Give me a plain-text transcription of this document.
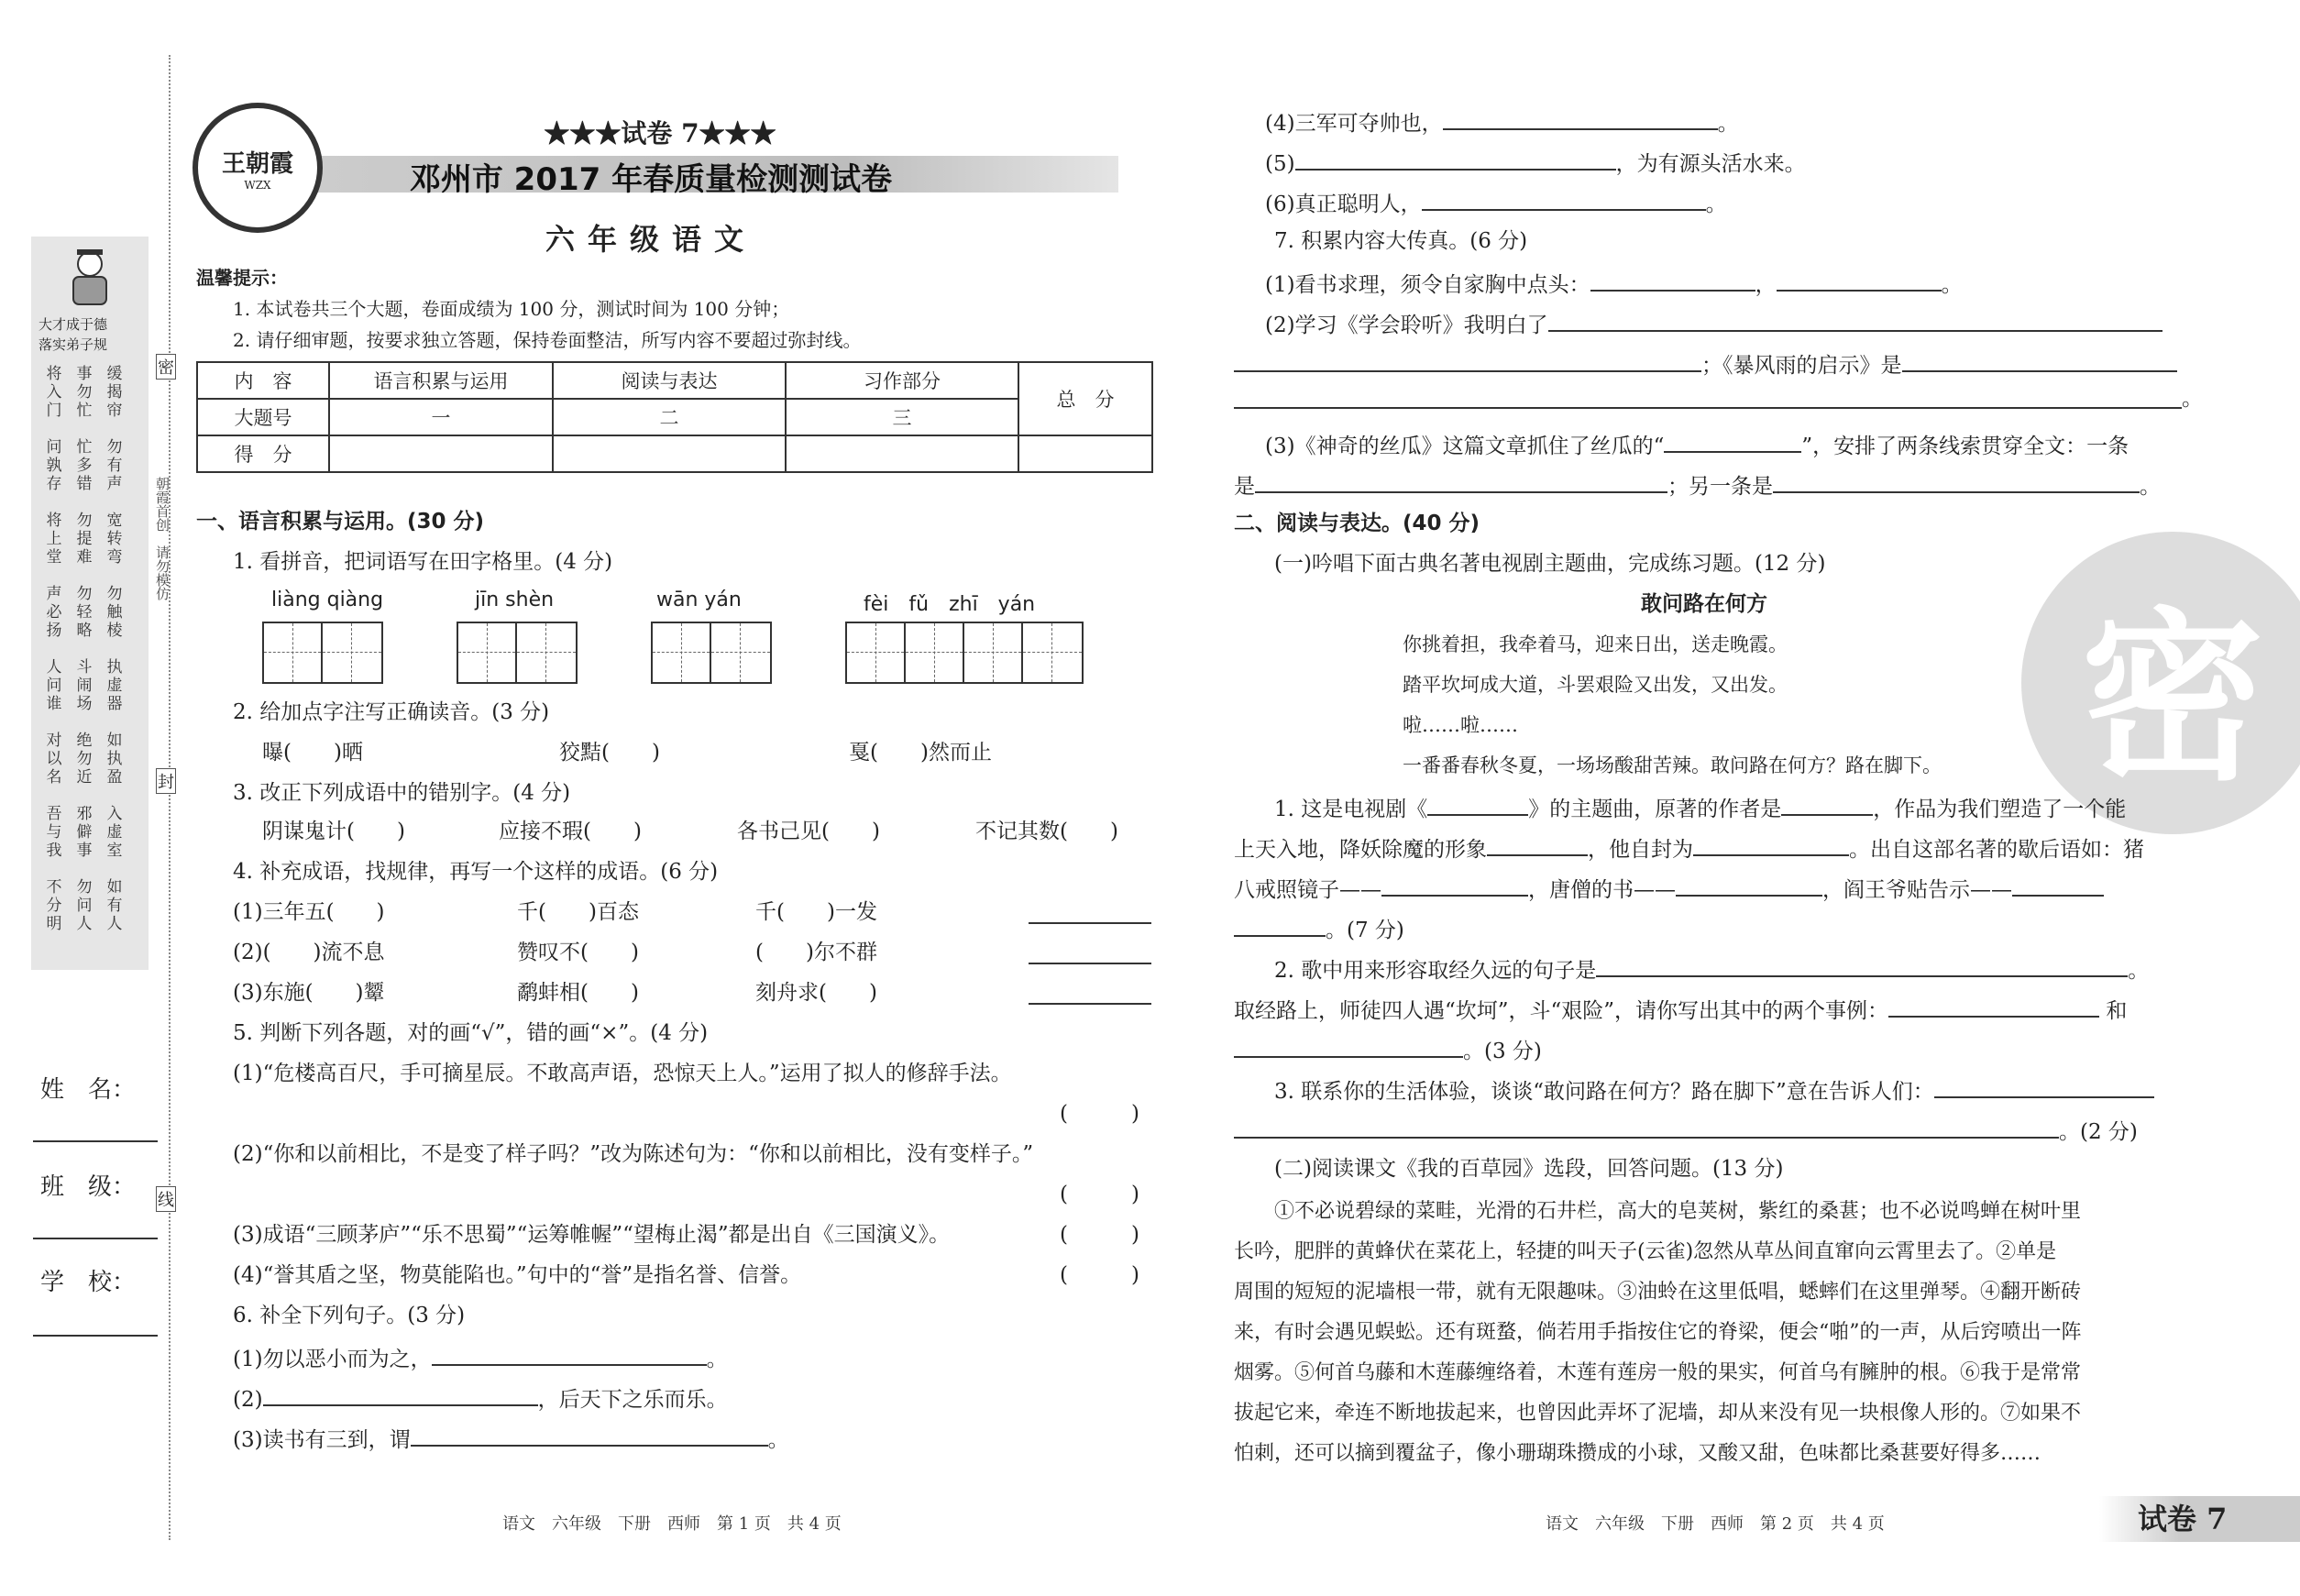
大才成于德
落实弟子规
将入门
事勿忙
缓揭帘
问孰存
忙多错
勿有声
将上堂
勿提难
宽转弯
声必扬
勿轻略
勿触棱
人问谁
斗闹场
执虚器
对以名
绝勿近
如执盈
吾与我
邪僻事
入虚室
不分明
勿问人
如有人
姓　名：
班　级：
学　校：
密
封
线
朝霞首创　请勿模仿
王朝霞
WZX
★★★试卷 7★★★
邓州市 2017 年春质量检测测试卷
六年级语文
温馨提示：
1. 本试卷共三个大题，卷面成绩为 100 分，测试时间为 100 分钟；
2. 请仔细审题，按要求独立答题，保持卷面整洁，所写内容不要超过弥封线。
内　容	语言积累与运用	阅读与表达	习作部分	总　分
大题号	一	二	三	
得　分				
一、语言积累与运用。(30 分)
1. 看拼音，把词语写在田字格里。(4 分)
liàng qiàng	jīn shèn	wān yán	fèi　fǔ　zhī　yán
2. 给加点字注写正确读音。(3 分)
曝(　　)晒	狡黠(　　)	戛(　　)然而止
3. 改正下列成语中的错别字。(4 分)
阴谋鬼计(　　)	应接不瑕(　　)	各书己见(　　)	不记其数(　　)
4. 补充成语，找规律，再写一个这样的成语。(6 分)
(1)三年五(　　)	千(　　)百态	千(　　)一发
(2)(　　)流不息	赞叹不(　　)	(　　)尔不群
(3)东施(　　)颦	鹬蚌相(　　)	刻舟求(　　)
5. 判断下列各题，对的画“√”，错的画“×”。(4 分)
(1)“危楼高百尺，手可摘星辰。不敢高声语，恐惊天上人。”运用了拟人的修辞手法。
(　　　)
(2)“你和以前相比，不是变了样子吗？”改为陈述句为：“你和以前相比，没有变样子。”
(　　　)
(3)成语“三顾茅庐”“乐不思蜀”“运筹帷幄”“望梅止渴”都是出自《三国演义》。	(　　　)
(4)“誉其盾之坚，物莫能陷也。”句中的“誉”是指名誉、信誉。	(　　　)
6. 补全下列句子。(3 分)
(1)勿以恶小而为之，	。
(2)	，后天下之乐而乐。
(3)读书有三到，谓	。
语文　六年级　下册　西师　第 1 页　共 4 页
密
(4)三军可夺帅也，	。
(5)	，为有源头活水来。
(6)真正聪明人，	。
7. 积累内容大传真。(6 分)
(1)看书求理，须令自家胸中点头：	，	。
(2)学习《学会聆听》我明白了
；《暴风雨的启示》是
。
(3)《神奇的丝瓜》这篇文章抓住了丝瓜的“	”，安排了两条线索贯穿全文：一条
是	；另一条是	。
二、阅读与表达。(40 分)
(一)吟唱下面古典名著电视剧主题曲，完成练习题。(12 分)
敢问路在何方
你挑着担，我牵着马，迎来日出，送走晚霞。
踏平坎坷成大道，斗罢艰险又出发，又出发。
啦……啦……
一番番春秋冬夏，一场场酸甜苦辣。敢问路在何方？路在脚下。
1. 这是电视剧《	》的主题曲，原著的作者是	，作品为我们塑造了一个能
上天入地，降妖除魔的形象	，他自封为	。出自这部名著的歇后语如：猪
八戒照镜子——	，唐僧的书——	，阎王爷贴告示——
。(7 分)
2. 歌中用来形容取经久远的句子是	。
取经路上，师徒四人遇“坎坷”，斗“艰险”，请你写出其中的两个事例：	和
。(3 分)
3. 联系你的生活体验，谈谈“敢问路在何方？路在脚下”意在告诉人们：
。(2 分)
(二)阅读课文《我的百草园》选段，回答问题。(13 分)
①不必说碧绿的菜畦，光滑的石井栏，高大的皂荚树，紫红的桑葚；也不必说鸣蝉在树叶里
长吟，肥胖的黄蜂伏在菜花上，轻捷的叫天子(云雀)忽然从草丛间直窜向云霄里去了。②单是
周围的短短的泥墙根一带，就有无限趣味。③油蛉在这里低唱，蟋蟀们在这里弹琴。④翻开断砖
来，有时会遇见蜈蚣。还有斑蝥，倘若用手指按住它的脊梁，便会“啪”的一声，从后窍喷出一阵
烟雾。⑤何首乌藤和木莲藤缠络着，木莲有莲房一般的果实，何首乌有臃肿的根。⑥我于是常常
拔起它来，牵连不断地拔起来，也曾因此弄坏了泥墙，却从来没有见一块根像人形的。⑦如果不
怕刺，还可以摘到覆盆子，像小珊瑚珠攒成的小球，又酸又甜，色味都比桑葚要好得多……
语文　六年级　下册　西师　第 2 页　共 4 页	试卷 7
